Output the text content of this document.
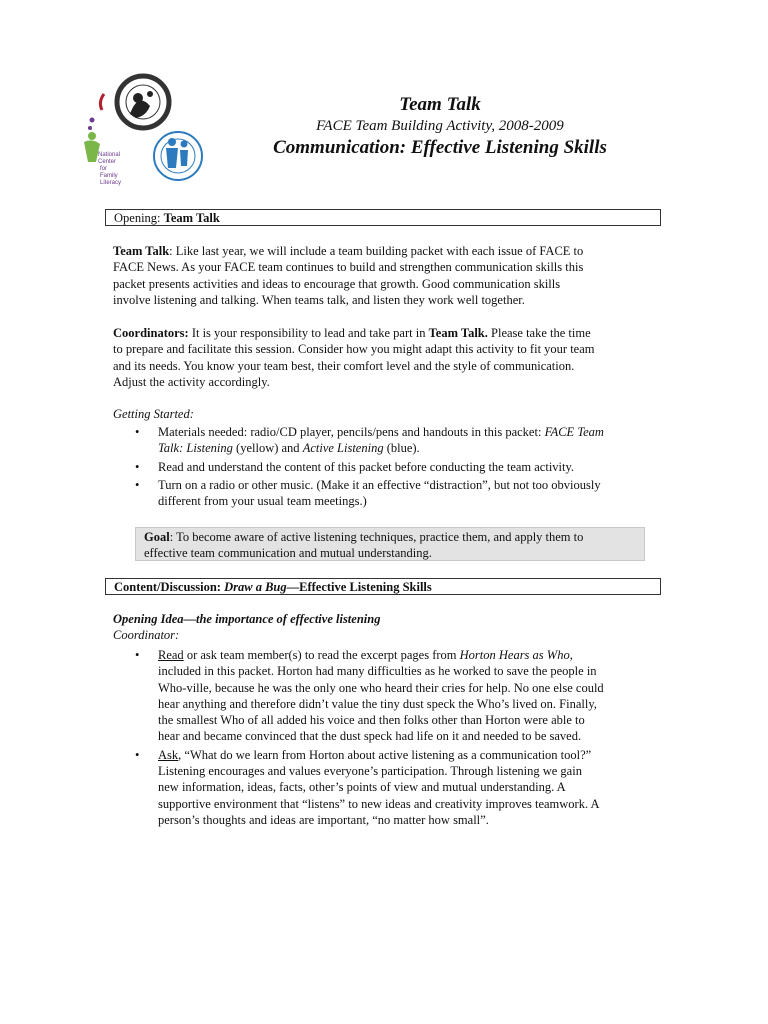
National
Center
for
Family
Literacy
Team Talk
FACE Team Building Activity, 2008-2009
Communication: Effective Listening Skills
Opening: Team Talk

Team Talk: Like last year, we will include a team building packet with each issue of FACE to
FACE News. As your FACE team continues to build and strengthen communication skills this
packet presents activities and ideas to encourage that growth. Good communication skills
involve listening and talking. When teams talk, and listen they work well together.

Coordinators: It is your responsibility to lead and take part in Team Talk. Please take the time
to prepare and facilitate this session. Consider how you might adapt this activity to fit your team
and its needs. You know your team best, their comfort level and the style of communication.
Adjust the activity accordingly.

Getting Started:
• Materials needed: radio/CD player, pencils/pens and handouts in this packet: FACE Team
Talk: Listening (yellow) and Active Listening (blue).
• Read and understand the content of this packet before conducting the team activity.
• Turn on a radio or other music. (Make it an effective “distraction”, but not too obviously
different from your usual team meetings.)
Goal: To become aware of active listening techniques, practice them, and apply them to
effective team communication and mutual understanding.
Content/Discussion: Draw a Bug—Effective Listening Skills
Opening Idea—the importance of effective listening
Coordinator:
• Read or ask team member(s) to read the excerpt pages from Horton Hears as Who,
included in this packet. Horton had many difficulties as he worked to save the people in
Who-ville, because he was the only one who heard their cries for help. No one else could
hear anything and therefore didn’t value the tiny dust speck the Who’s lived on. Finally,
the smallest Who of all added his voice and then folks other than Horton were able to
hear and became convinced that the dust speck had life on it and needed to be saved.
• Ask, “What do we learn from Horton about active listening as a communication tool?”
Listening encourages and values everyone’s participation. Through listening we gain
new information, ideas, facts, other’s points of view and mutual understanding. A
supportive environment that “listens” to new ideas and creativity improves teamwork. A
person’s thoughts and ideas are important, “no matter how small”.
